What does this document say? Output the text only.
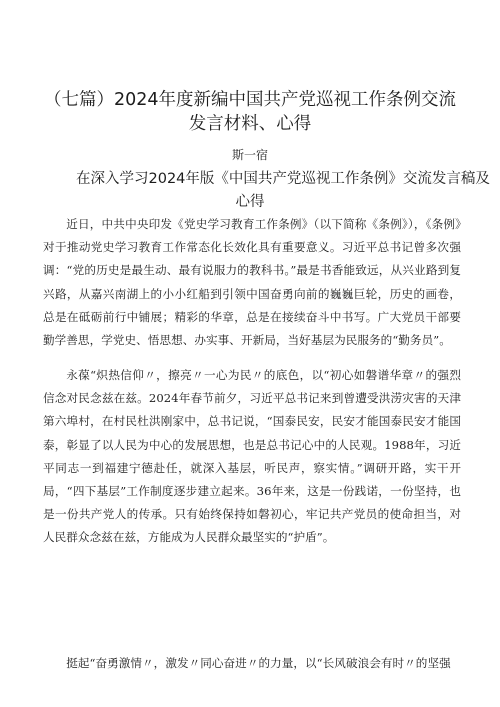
（七篇）2024年度新编中国共产党巡视工作条例交流
发言材料、心得
斯一宿
在深入学习2024年版《中国共产党巡视工作条例》交流发言稿及
心得

近日，中共中央印发《党史学习教育工作条例》（以下简称《条例》），《条例》对于推动党史学习教育工作常态化长效化具有重要意义。习近平总书记曾多次强调：“党的历史是最生动、最有说服力的教科书。”最是书香能致远，从兴业路到复兴路，从嘉兴南湖上的小小红船到引领中国奋勇向前的巍巍巨轮，历史的画卷，总是在砥砺前行中铺展；精彩的华章，总是在接续奋斗中书写。广大党员干部要勤学善思，学党史、悟思想、办实事、开新局，当好基层为民服务的“勤务员”。

永葆“炽热信仰〃，擦亮〃一心为民〃的底色，以“初心如磐谱华章〃的强烈信念对民念兹在兹。2024年春节前夕，习近平总书记来到曾遭受洪涝灾害的天津第六埠村，在村民杜洪刚家中，总书记说，“国泰民安，民安才能国泰民安才能国泰，彰显了以人民为中心的发展思想，也是总书记心中的人民观。1988年，习近平同志一到福建宁德赴任，就深入基层，听民声，察实情。”调研开路，实干开局，“四下基层”工作制度逐步建立起来。36年来，这是一份践诺，一份坚持，也是一份共产党人的传承。只有始终保持如磐初心，牢记共产党员的使命担当，对人民群众念兹在兹，方能成为人民群众最坚实的“护盾”。

挺起“奋勇激情〃，激发〃同心奋进〃的力量，以“长风破浪会有时〃的坚强
